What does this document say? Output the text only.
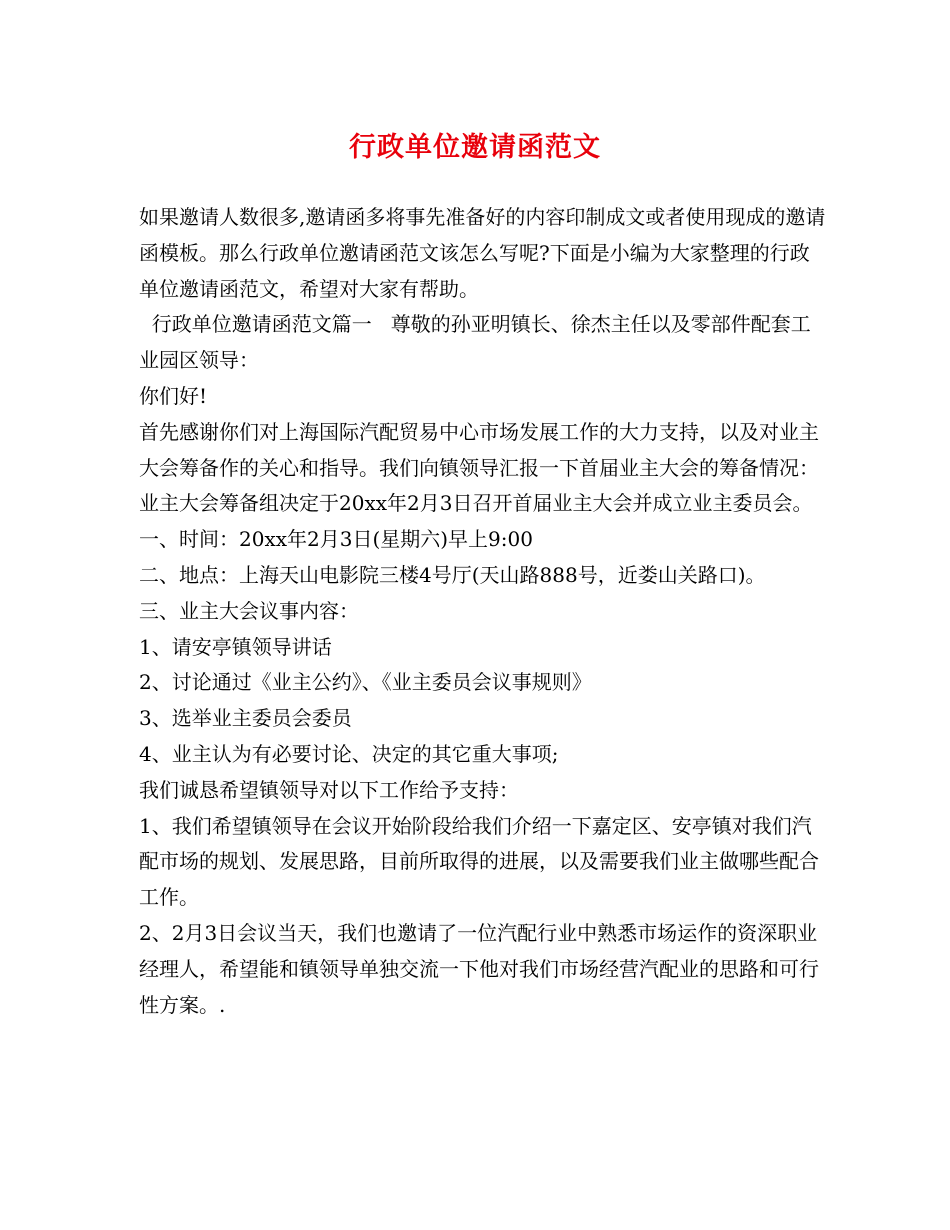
行政单位邀请函范文

如果邀请人数很多,邀请函多将事先准备好的内容印制成文或者使用现成的邀请函模板。那么行政单位邀请函范文该怎么写呢?下面是小编为大家整理的行政单位邀请函范文，希望对大家有帮助。

行政单位邀请函范文篇一   尊敬的孙亚明镇长、徐杰主任以及零部件配套工业园区领导：

你们好!

首先感谢你们对上海国际汽配贸易中心市场发展工作的大力支持，以及对业主大会筹备作的关心和指导。我们向镇领导汇报一下首届业主大会的筹备情况：

业主大会筹备组决定于20xx年2月3日召开首届业主大会并成立业主委员会。

一、时间：20xx年2月3日(星期六)早上9:00

二、地点：上海天山电影院三楼4号厅(天山路888号，近娄山关路口)。

三、业主大会议事内容：

1、请安亭镇领导讲话

2、讨论通过《业主公约》、《业主委员会议事规则》

3、选举业主委员会委员

4、业主认为有必要讨论、决定的其它重大事项;

我们诚恳希望镇领导对以下工作给予支持：

1、我们希望镇领导在会议开始阶段给我们介绍一下嘉定区、安亭镇对我们汽配市场的规划、发展思路，目前所取得的进展，以及需要我们业主做哪些配合工作。

2、2月3日会议当天，我们也邀请了一位汽配行业中熟悉市场运作的资深职业经理人，希望能和镇领导单独交流一下他对我们市场经营汽配业的思路和可行性方案。.
